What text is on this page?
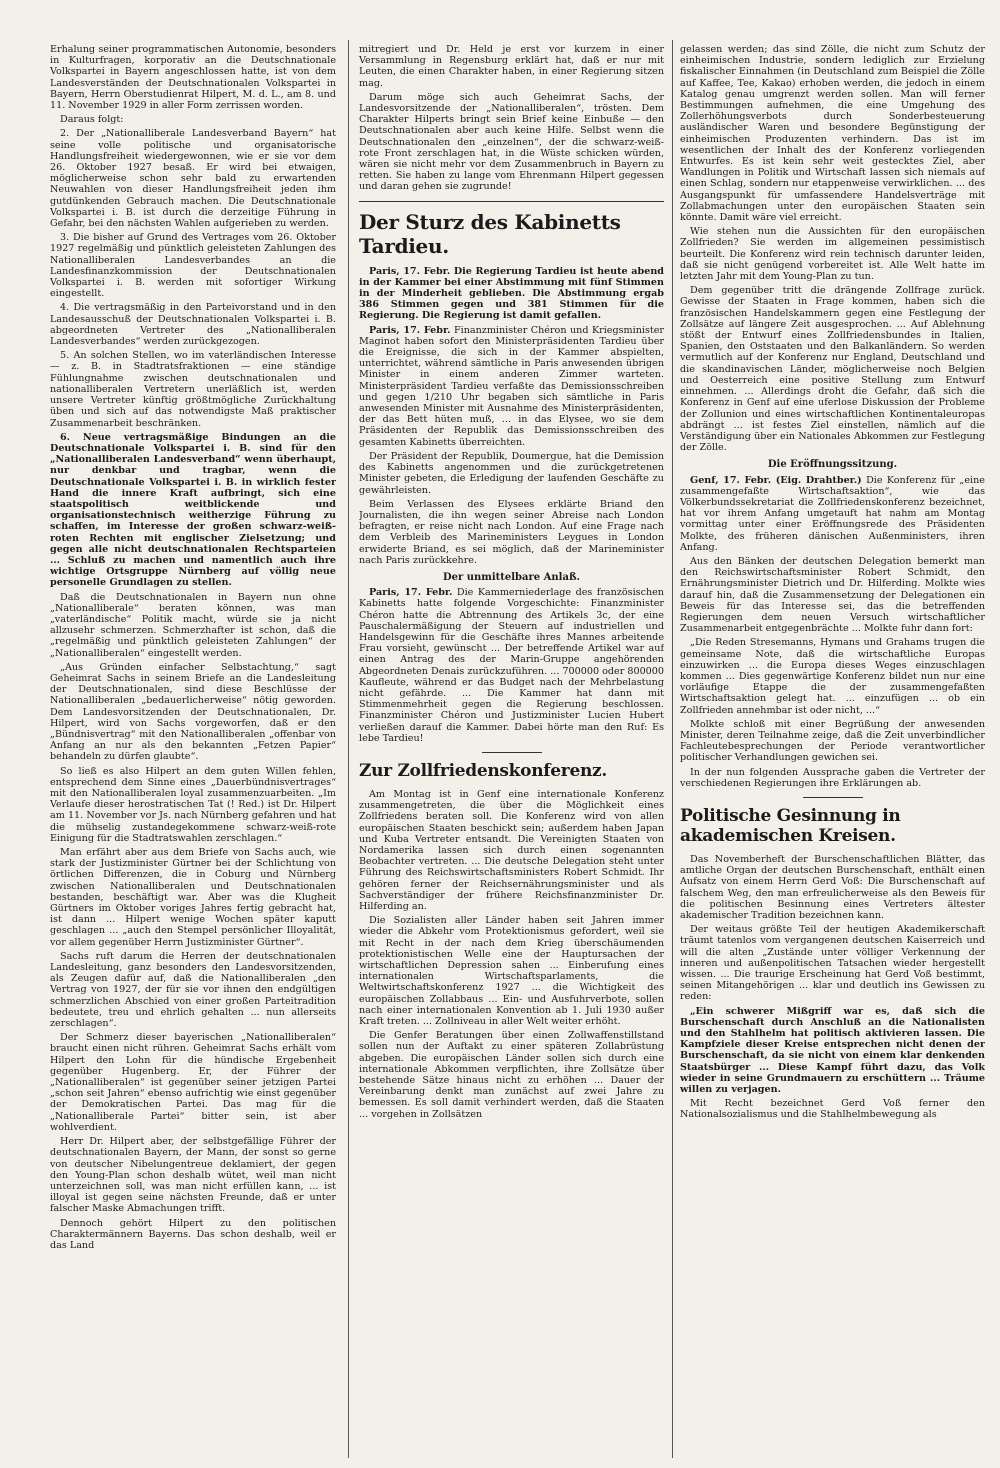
Erhalung seiner programmatischen Autonomie, besonders in Kulturfragen, korporativ an die Deutschnationale Volkspartei in Bayern angeschlossen hatte, ist von dem Landesverständen der Deutschnationalen Volkspartei in Bayern, Herrn Oberstudienrat Hilpert, M. d. L., am 8. und 11. November 1929 in aller Form zerrissen worden.

Daraus folgt:

2. Der „Nationalliberale Landesverband Bayern“ hat seine volle politische und organisatorische Handlungsfreiheit wiedergewonnen, wie er sie vor dem 26. Oktober 1927 besaß. Er wird bei etwaigen, möglicherweise schon sehr bald zu erwartenden Neuwahlen von dieser Handlungsfreiheit jeden ihm gutdünkenden Gebrauch machen. Die Deutschnationale Volkspartei i. B. ist durch die derzeitige Führung in Gefahr, bei den nächsten Wahlen aufgerieben zu werden.

3. Die bisher auf Grund des Vertrages vom 26. Oktober 1927 regelmäßig und pünktlich geleisteten Zahlungen des Nationalliberalen Landesverbandes an die Landesfinanzkommission der Deutschnationalen Volkspartei i. B. werden mit sofortiger Wirkung eingestellt.

4. Die vertragsmäßig in den Parteivorstand und in den Landesausschuß der Deutschnationalen Volkspartei i. B. abgeordneten Vertreter des „Nationalliberalen Landesverbandes“ werden zurückgezogen.

5. An solchen Stellen, wo im vaterländischen Interesse — z. B. in Stadtratsfraktionen — eine ständige Fühlungnahme zwischen deutschnationalen und nationalliberalen Vertretern unerläßlich ist, werden unsere Vertreter künftig größtmögliche Zurückhaltung üben und sich auf das notwendigste Maß praktischer Zusammenarbeit beschränken.

6. Neue vertragsmäßige Bindungen an die Deutschnationale Volkspartei i. B. sind für den „Nationalliberalen Landesverband“ wenn überhaupt, nur denkbar und tragbar, wenn die Deutschnationale Volkspartei i. B. in wirklich fester Hand die innere Kraft aufbringt, sich eine staatspolitisch weitblickende und organisationstechnisch weitherzige Führung zu schaffen, im Interesse der großen schwarz-weiß-roten Rechten mit englischer Zielsetzung; und gegen alle nicht deutschnationalen Rechtsparteien ... Schluß zu machen und namentlich auch ihre wichtige Ortsgruppe Nürnberg auf völlig neue personelle Grundlagen zu stellen.

Daß die Deutschnationalen in Bayern nun ohne „Nationalliberale“ beraten können, was man „vaterländische“ Politik macht, würde sie ja nicht allzusehr schmerzen. Schmerzhafter ist schon, daß die „regelmäßig und pünktlich geleisteten Zahlungen“ der „Nationalliberalen“ eingestellt werden.

„Aus Gründen einfacher Selbstachtung,“ sagt Geheimrat Sachs in seinem Briefe an die Landesleitung der Deutschnationalen, sind diese Beschlüsse der Nationalliberalen „bedauerlicherweise“ nötig geworden. Dem Landesvorsitzenden der Deutschnationalen, Dr. Hilpert, wird von Sachs vorgeworfen, daß er den „Bündnisvertrag“ mit den Nationalliberalen „offenbar von Anfang an nur als den bekannten „Fetzen Papier“ behandeln zu dürfen glaubte“.

So ließ es also Hilpert an dem guten Willen fehlen, entsprechend dem Sinne eines „Dauerbündnisvertrages“ mit den Nationalliberalen loyal zusammenzuarbeiten. „Im Verlaufe dieser herostratischen Tat (! Red.) ist Dr. Hilpert am 11. November vor Js. nach Nürnberg gefahren und hat die mühselig zustandegekommene schwarz-weiß-rote Einigung für die Stadtratswahlen zerschlagen.“

Man erfährt aber aus dem Briefe von Sachs auch, wie stark der Justizminister Gürtner bei der Schlichtung von örtlichen Differenzen, die in Coburg und Nürnberg zwischen Nationalliberalen und Deutschnationalen bestanden, beschäftigt war. Aber was die Klugheit Gürtners im Oktober voriges Jahres fertig gebracht hat, ist dann ... Hilpert wenige Wochen später kaputt geschlagen ... „auch den Stempel persönlicher Illoyalität, vor allem gegenüber Herrn Justizminister Gürtner“.

Sachs ruft darum die Herren der deutschnationalen Landesleitung, ganz besonders den Landesvorsitzenden, als Zeugen dafür auf, daß die Nationalliberalen „den Vertrag von 1927, der für sie vor ihnen den endgültigen schmerzlichen Abschied von einer großen Parteitradition bedeutete, treu und ehrlich gehalten ... nun allerseits zerschlagen“.

Der Schmerz dieser bayerischen „Nationalliberalen“ braucht einen nicht rühren. Geheimrat Sachs erhält vom Hilpert den Lohn für die hündische Ergebenheit gegenüber Hugenberg. Er, der Führer der „Nationalliberalen“ ist gegenüber seiner jetzigen Partei „schon seit Jahren“ ebenso aufrichtig wie einst gegenüber der Demokratischen Partei. Das mag für die „Nationalliberale Partei“ bitter sein, ist aber wohlverdient.

Herr Dr. Hilpert aber, der selbstgefällige Führer der deutschnationalen Bayern, der Mann, der sonst so gerne von deutscher Nibelungentreue deklamiert, der gegen den Young-Plan schon deshalb wütet, weil man nicht unterzeichnen soll, was man nicht erfüllen kann, ... ist illoyal ist gegen seine nächsten Freunde, daß er unter falscher Maske Abmachungen trifft.

Dennoch gehört Hilpert zu den politischen Charaktermännern Bayerns. Das schon deshalb, weil er das Land

mitregiert und Dr. Held je erst vor kurzem in einer Versammlung in Regensburg erklärt hat, daß er nur mit Leuten, die einen Charakter haben, in einer Regierung sitzen mag.

Darum möge sich auch Geheimrat Sachs, der Landesvorsitzende der „Nationalliberalen“, trösten. Dem Charakter Hilperts bringt sein Brief keine Einbuße — den Deutschnationalen aber auch keine Hilfe. Selbst wenn die Deutschnationalen den „einzelnen“, der die schwarz-weiß-rote Front zerschlagen hat, in die Wüste schicken würden, wären sie nicht mehr vor dem Zusammenbruch in Bayern zu retten. Sie haben zu lange vom Ehrenmann Hilpert gegessen und daran gehen sie zugrunde!

Der Sturz des Kabinetts Tardieu.

Paris, 17. Febr. Die Regierung Tardieu ist heute abend in der Kammer bei einer Abstimmung mit fünf Stimmen in der Minderheit geblieben. Die Abstimmung ergab 386 Stimmen gegen und 381 Stimmen für die Regierung. Die Regierung ist damit gefallen.

Paris, 17. Febr. Finanzminister Chéron und Kriegsminister Maginot haben sofort den Ministerpräsidenten Tardieu über die Ereignisse, die sich in der Kammer abspielten, unterrichtet, während sämtliche in Paris anwesenden übrigen Minister in einem anderen Zimmer warteten. Ministerpräsident Tardieu verfaßte das Demissionsschreiben und gegen 1/210 Uhr begaben sich sämtliche in Paris anwesenden Minister mit Ausnahme des Ministerpräsidenten, der das Bett hüten muß, ... in das Elysee, wo sie dem Präsidenten der Republik das Demissionsschreiben des gesamten Kabinetts überreichten.

Der Präsident der Republik, Doumergue, hat die Demission des Kabinetts angenommen und die zurückgetretenen Minister gebeten, die Erledigung der laufenden Geschäfte zu gewährleisten.

Beim Verlassen des Elysees erklärte Briand den Journalisten, die ihn wegen seiner Abreise nach London befragten, er reise nicht nach London. Auf eine Frage nach dem Verbleib des Marineministers Leygues in London erwiderte Briand, es sei möglich, daß der Marineminister nach Paris zurückkehre.

Der unmittelbare Anlaß.

Paris, 17. Febr. Die Kammerniederlage des französischen Kabinetts hatte folgende Vorgeschichte: Finanzminister Chéron hatte die Abtrennung des Artikels 3c, der eine Pauschalermäßigung der Steuern auf industriellen und Handelsgewinn für die Geschäfte ihres Mannes arbeitende Frau vorsieht, gewünscht ... Der betreffende Artikel war auf einen Antrag des der Marin-Gruppe angehörenden Abgeordneten Denais zurückzuführen. ... 700000 oder 800000 Kaufleute, während er das Budget nach der Mehrbelastung nicht gefährde. ... Die Kammer hat dann mit Stimmenmehrheit gegen die Regierung beschlossen. Finanzminister Chéron und Justizminister Lucien Hubert verließen darauf die Kammer. Dabei hörte man den Ruf: Es lebe Tardieu!

Zur Zollfriedenskonferenz.

Am Montag ist in Genf eine internationale Konferenz zusammengetreten, die über die Möglichkeit eines Zollfriedens beraten soll. Die Konferenz wird von allen europäischen Staaten beschickt sein; außerdem haben Japan und Kuba Vertreter entsandt. Die Vereinigten Staaten von Nordamerika lassen sich durch einen sogenannten Beobachter vertreten. ... Die deutsche Delegation steht unter Führung des Reichswirtschaftsministers Robert Schmidt. Ihr gehören ferner der Reichsernährungsminister und als Sachverständiger der frühere Reichsfinanzminister Dr. Hilferding an.

Die Sozialisten aller Länder haben seit Jahren immer wieder die Abkehr vom Protektionismus gefordert, weil sie mit Recht in der nach dem Krieg überschäumenden protektionistischen Welle eine der Hauptursachen der wirtschaftlichen Depression sahen ... Einberufung eines internationalen Wirtschaftsparlaments, die Weltwirtschaftskonferenz 1927 ... die Wichtigkeit des europäischen Zollabbaus ... Ein- und Ausfuhrverbote, sollen nach einer internationalen Konvention ab 1. Juli 1930 außer Kraft treten. ... Zollniveau in aller Welt weiter erhöht.

Die Genfer Beratungen über einen Zollwaffenstillstand sollen nun der Auftakt zu einer späteren Zollabrüstung abgeben. Die europäischen Länder sollen sich durch eine internationale Abkommen verpflichten, ihre Zollsätze über bestehende Sätze hinaus nicht zu erhöhen ... Dauer der Vereinbarung denkt man zunächst auf zwei Jahre zu bemessen. Es soll damit verhindert werden, daß die Staaten ... vorgehen in Zollsätzen

gelassen werden; das sind Zölle, die nicht zum Schutz der einheimischen Industrie, sondern lediglich zur Erzielung fiskalischer Einnahmen (in Deutschland zum Beispiel die Zölle auf Kaffee, Tee, Kakao) erhoben werden, die jedoch in einem Katalog genau umgrenzt werden sollen. Man will ferner Bestimmungen aufnehmen, die eine Umgehung des Zollerhöhungsverbots durch Sonderbesteuerung ausländischer Waren und besondere Begünstigung der einheimischen Produzenten verhindern. Das ist im wesentlichen der Inhalt des der Konferenz vorliegenden Entwurfes. Es ist kein sehr weit gestecktes Ziel, aber Wandlungen in Politik und Wirtschaft lassen sich niemals auf einen Schlag, sondern nur etappenweise verwirklichen. ... des Ausgangspunkt für umfassendere Handelsverträge mit Zollabmachungen unter den europäischen Staaten sein könnte. Damit wäre viel erreicht.

Wie stehen nun die Aussichten für den europäischen Zollfrieden? Sie werden im allgemeinen pessimistisch beurteilt. Die Konferenz wird rein technisch darunter leiden, daß sie nicht genügend vorbereitet ist. Alle Welt hatte im letzten Jahr mit dem Young-Plan zu tun.

Dem gegenüber tritt die drängende Zollfrage zurück. Gewisse der Staaten in Frage kommen, haben sich die französischen Handelskammern gegen eine Festlegung der Zollsätze auf längere Zeit ausgesprochen. ... Auf Ablehnung stößt der Entwurf eines Zollfriedensbundes in Italien, Spanien, den Oststaaten und den Balkanländern. So werden vermutlich auf der Konferenz nur England, Deutschland und die skandinavischen Länder, möglicherweise noch Belgien und Oesterreich eine positive Stellung zum Entwurf einnehmen. ... Allerdings droht die Gefahr, daß sich die Konferenz in Genf auf eine uferlose Diskussion der Probleme der Zollunion und eines wirtschaftlichen Kontinentaleuropas abdrängt ... ist festes Ziel einstellen, nämlich auf die Verständigung über ein Nationales Abkommen zur Festlegung der Zölle.

Die Eröffnungssitzung.

Genf, 17. Febr. (Eig. Drahtber.) Die Konferenz für „eine zusammengefaßte Wirtschaftsaktion“, wie das Völkerbundssekretariat die Zollfriedenskonferenz bezeichnet, hat vor ihrem Anfang umgetauft hat nahm am Montag vormittag unter einer Eröffnungsrede des Präsidenten Molkte, des früheren dänischen Außenministers, ihren Anfang.

Aus den Bänken der deutschen Delegation bemerkt man den Reichswirtschaftsminister Robert Schmidt, den Ernährungsminister Dietrich und Dr. Hilferding. Molkte wies darauf hin, daß die Zusammensetzung der Delegationen ein Beweis für das Interesse sei, das die betreffenden Regierungen dem neuen Versuch wirtschaftlicher Zusammenarbeit entgegenbrächte ... Molkte fuhr dann fort:

„Die Reden Stresemanns, Hymans und Grahams trugen die gemeinsame Note, daß die wirtschaftliche Europas einzuwirken ... die Europa dieses Weges einzuschlagen kommen ... Dies gegenwärtige Konferenz bildet nun nur eine vorläufige Etappe die der zusammengefaßten Wirtschaftsaktion gelegt hat. ... einzufügen ... ob ein Zollfrieden annehmbar ist oder nicht, ...“

Molkte schloß mit einer Begrüßung der anwesenden Minister, deren Teilnahme zeige, daß die Zeit unverbindlicher Fachleutebesprechungen der Periode verantwortlicher politischer Verhandlungen gewichen sei.

In der nun folgenden Aussprache gaben die Vertreter der verschiedenen Regierungen ihre Erklärungen ab.

Politische Gesinnung in akademischen Kreisen.

Das Novemberheft der Burschenschaftlichen Blätter, das amtliche Organ der deutschen Burschenschaft, enthält einen Aufsatz von einem Herrn Gerd Voß: Die Burschenschaft auf falschem Weg, den man erfreulicherweise als den Beweis für die politischen Besinnung eines Vertreters ältester akademischer Tradition bezeichnen kann.

Der weitaus größte Teil der heutigen Akademikerschaft träumt tatenlos vom vergangenen deutschen Kaiserreich und will die alten „Zustände unter völliger Verkennung der inneren und außenpolitischen Tatsachen wieder hergestellt wissen. ... Die traurige Erscheinung hat Gerd Voß bestimmt, seinen Mitangehörigen ... klar und deutlich ins Gewissen zu reden:

„Ein schwerer Mißgriff war es, daß sich die Burschenschaft durch Anschluß an die Nationalisten und den Stahlhelm hat politisch aktivieren lassen. Die Kampfziele dieser Kreise entsprechen nicht denen der Burschenschaft, da sie nicht von einem klar denkenden Staatsbürger ... Diese Kampf führt dazu, das Volk wieder in seine Grundmauern zu erschüttern ... Träume willen zu verjagen.

Mit Recht bezeichnet Gerd Voß ferner den Nationalsozialismus und die Stahlhelmbewegung als
